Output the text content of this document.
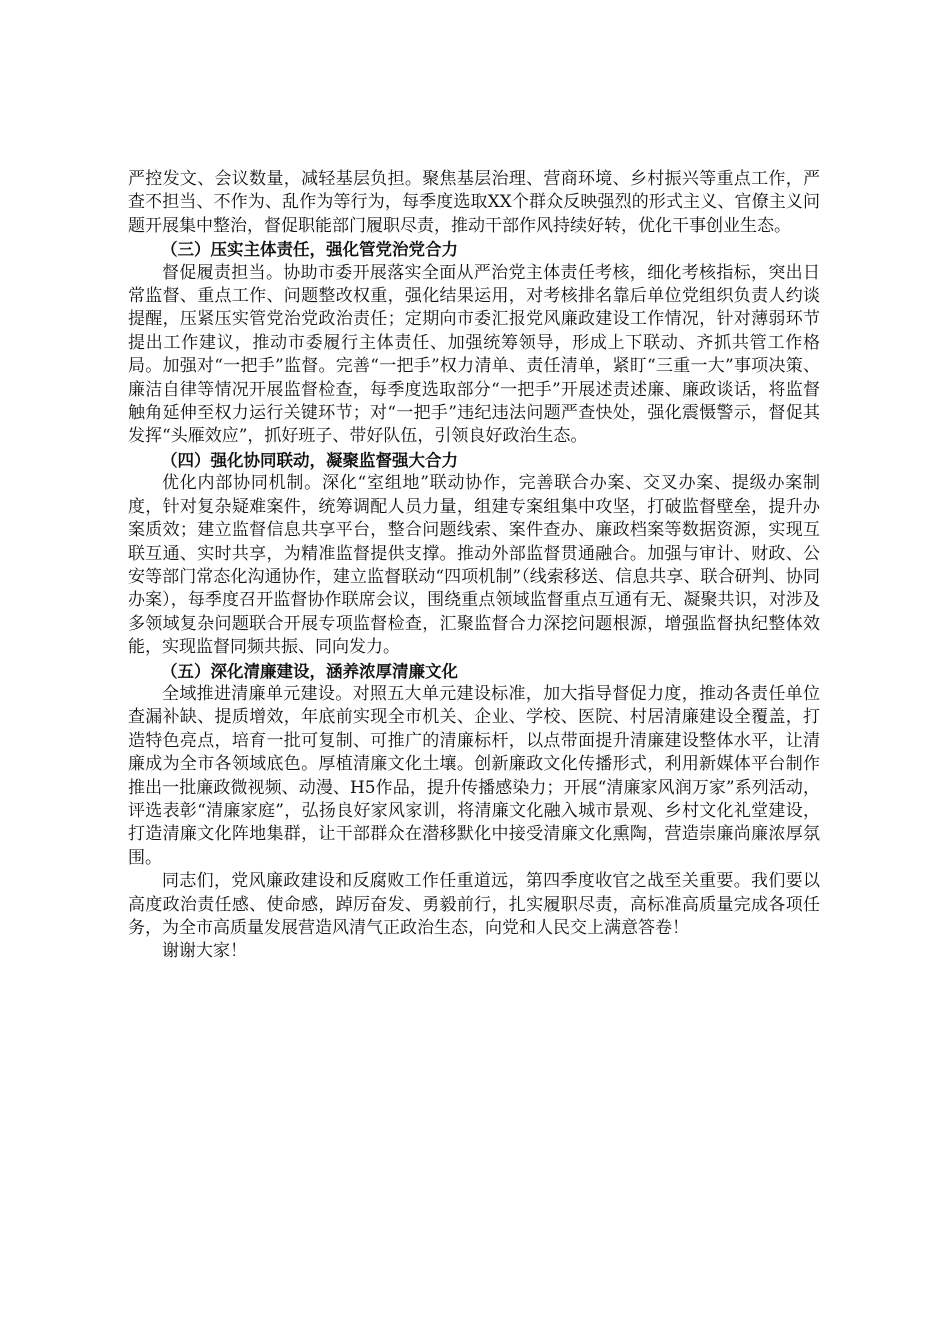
严控发文、会议数量，减轻基层负担。聚焦基层治理、营商环境、乡村振兴等重点工作，严查不担当、不作为、乱作为等行为，每季度选取XX个群众反映强烈的形式主义、官僚主义问题开展集中整治，督促职能部门履职尽责，推动干部作风持续好转，优化干事创业生态。

（三）压实主体责任，强化管党治党合力

督促履责担当。协助市委开展落实全面从严治党主体责任考核，细化考核指标，突出日常监督、重点工作、问题整改权重，强化结果运用，对考核排名靠后单位党组织负责人约谈提醒，压紧压实管党治党政治责任；定期向市委汇报党风廉政建设工作情况，针对薄弱环节提出工作建议，推动市委履行主体责任、加强统筹领导，形成上下联动、齐抓共管工作格局。加强对“一把手”监督。完善“一把手”权力清单、责任清单，紧盯“三重一大”事项决策、廉洁自律等情况开展监督检查，每季度选取部分“一把手”开展述责述廉、廉政谈话，将监督触角延伸至权力运行关键环节；对“一把手”违纪违法问题严查快处，强化震慑警示，督促其发挥“头雁效应”，抓好班子、带好队伍，引领良好政治生态。

（四）强化协同联动，凝聚监督强大合力

优化内部协同机制。深化“室组地”联动协作，完善联合办案、交叉办案、提级办案制度，针对复杂疑难案件，统筹调配人员力量，组建专案组集中攻坚，打破监督壁垒，提升办案质效；建立监督信息共享平台，整合问题线索、案件查办、廉政档案等数据资源，实现互联互通、实时共享，为精准监督提供支撑。推动外部监督贯通融合。加强与审计、财政、公安等部门常态化沟通协作，建立监督联动“四项机制”（线索移送、信息共享、联合研判、协同办案），每季度召开监督协作联席会议，围绕重点领域监督重点互通有无、凝聚共识，对涉及多领域复杂问题联合开展专项监督检查，汇聚监督合力深挖问题根源，增强监督执纪整体效能，实现监督同频共振、同向发力。

（五）深化清廉建设，涵养浓厚清廉文化

全域推进清廉单元建设。对照五大单元建设标准，加大指导督促力度，推动各责任单位查漏补缺、提质增效，年底前实现全市机关、企业、学校、医院、村居清廉建设全覆盖，打造特色亮点，培育一批可复制、可推广的清廉标杆，以点带面提升清廉建设整体水平，让清廉成为全市各领域底色。厚植清廉文化土壤。创新廉政文化传播形式，利用新媒体平台制作推出一批廉政微视频、动漫、H5作品，提升传播感染力；开展“清廉家风润万家”系列活动，评选表彰“清廉家庭”，弘扬良好家风家训，将清廉文化融入城市景观、乡村文化礼堂建设，打造清廉文化阵地集群，让干部群众在潜移默化中接受清廉文化熏陶，营造崇廉尚廉浓厚氛围。

同志们，党风廉政建设和反腐败工作任重道远，第四季度收官之战至关重要。我们要以高度政治责任感、使命感，踔厉奋发、勇毅前行，扎实履职尽责，高标准高质量完成各项任务，为全市高质量发展营造风清气正政治生态，向党和人民交上满意答卷！

谢谢大家！
